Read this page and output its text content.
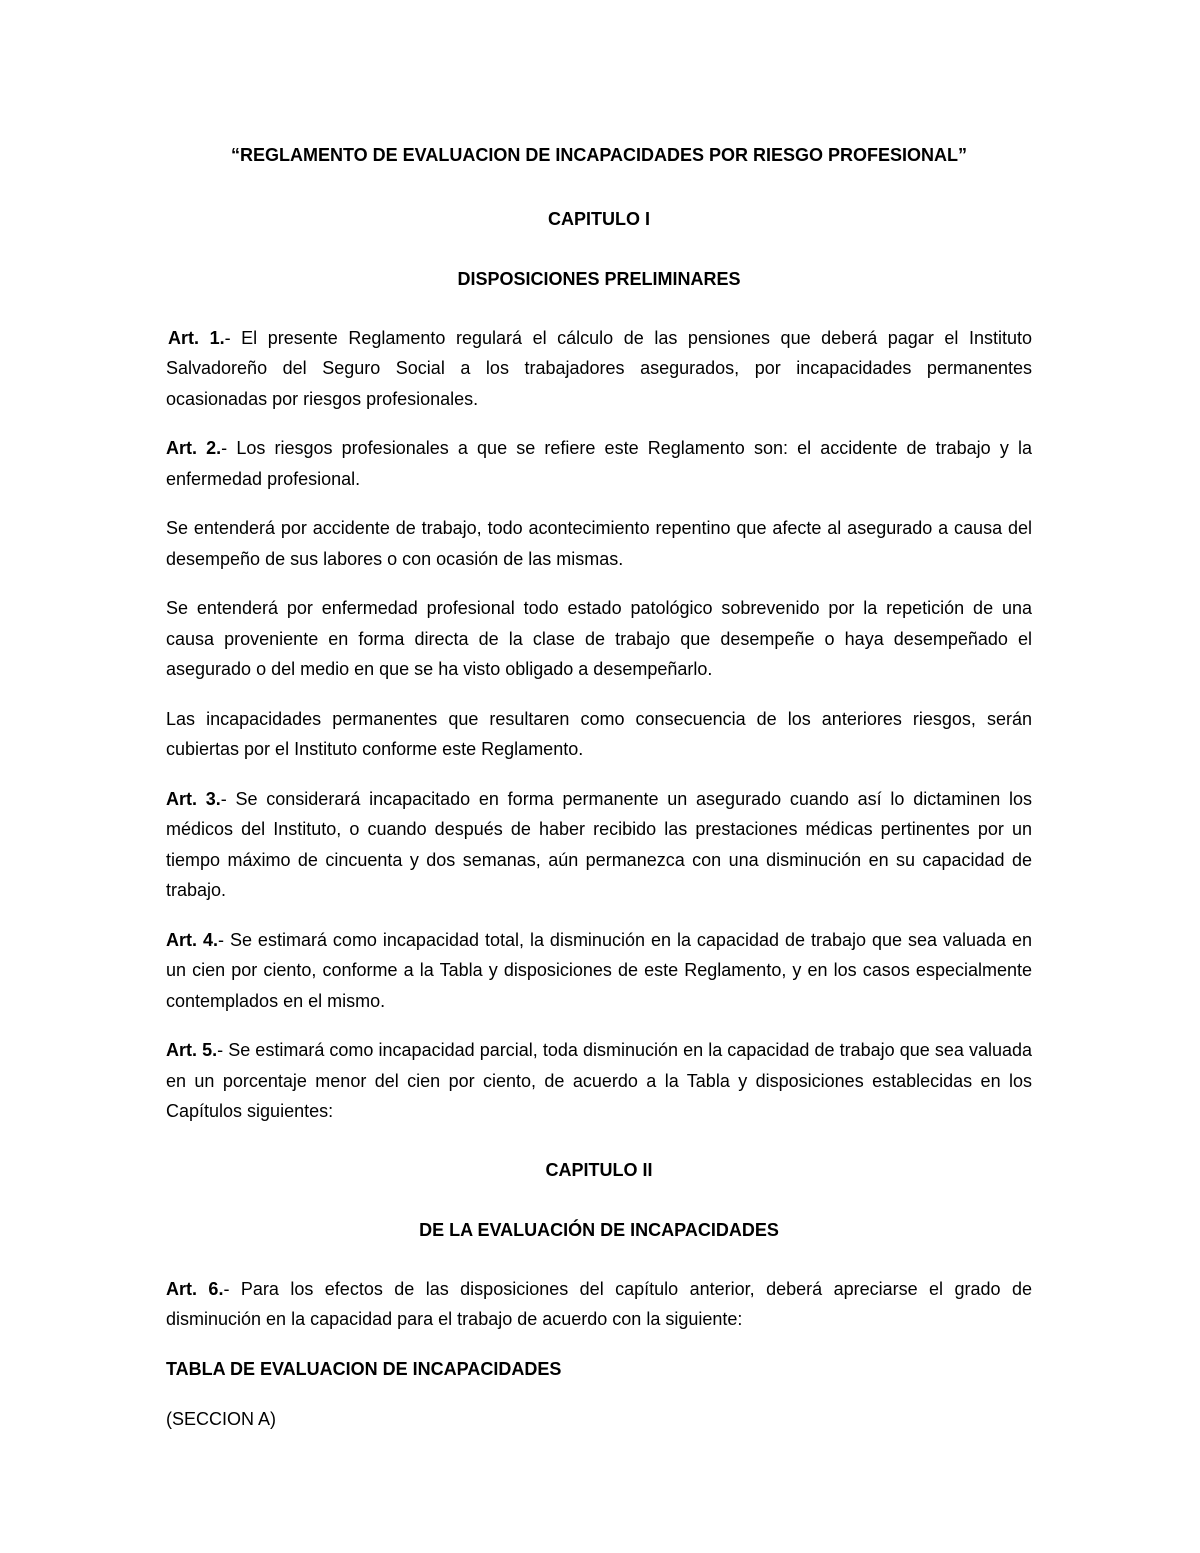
“REGLAMENTO DE EVALUACION DE INCAPACIDADES POR RIESGO PROFESIONAL”
CAPITULO I
DISPOSICIONES PRELIMINARES

Art. 1.- El presente Reglamento regulará el cálculo de las pensiones que deberá pagar el Instituto Salvadoreño del Seguro Social a los trabajadores asegurados, por incapacidades permanentes ocasionadas por riesgos profesionales.

Art. 2.- Los riesgos profesionales a que se refiere este Reglamento son: el accidente de trabajo y la enfermedad profesional.

Se entenderá por accidente de trabajo, todo acontecimiento repentino que afecte al asegurado a causa del desempeño de sus labores o con ocasión de las mismas.

Se entenderá por enfermedad profesional todo estado patológico sobrevenido por la repetición de una causa proveniente en forma directa de la clase de trabajo que desempeñe o haya desempeñado el asegurado o del medio en que se ha visto obligado a desempeñarlo.

Las incapacidades permanentes que resultaren como consecuencia de los anteriores riesgos, serán cubiertas por el Instituto conforme este Reglamento.

Art. 3.- Se considerará incapacitado en forma permanente un asegurado cuando así lo dictaminen los médicos del Instituto, o cuando después de haber recibido las prestaciones médicas pertinentes por un tiempo máximo de cincuenta y dos semanas, aún permanezca con una disminución en su capacidad de trabajo.

Art. 4.- Se estimará como incapacidad total, la disminución en la capacidad de trabajo que sea valuada en un cien por ciento, conforme a la Tabla y disposiciones de este Reglamento, y en los casos especialmente contemplados en el mismo.

Art. 5.- Se estimará como incapacidad parcial, toda disminución en la capacidad de trabajo que sea valuada en un porcentaje menor del cien por ciento, de acuerdo a la Tabla y disposiciones establecidas en los Capítulos siguientes:

CAPITULO II
DE LA EVALUACIÓN DE INCAPACIDADES

Art. 6.- Para los efectos de las disposiciones del capítulo anterior, deberá apreciarse el grado de disminución en la capacidad para el trabajo de acuerdo con la siguiente:

TABLA DE EVALUACION DE INCAPACIDADES
(SECCION A)
